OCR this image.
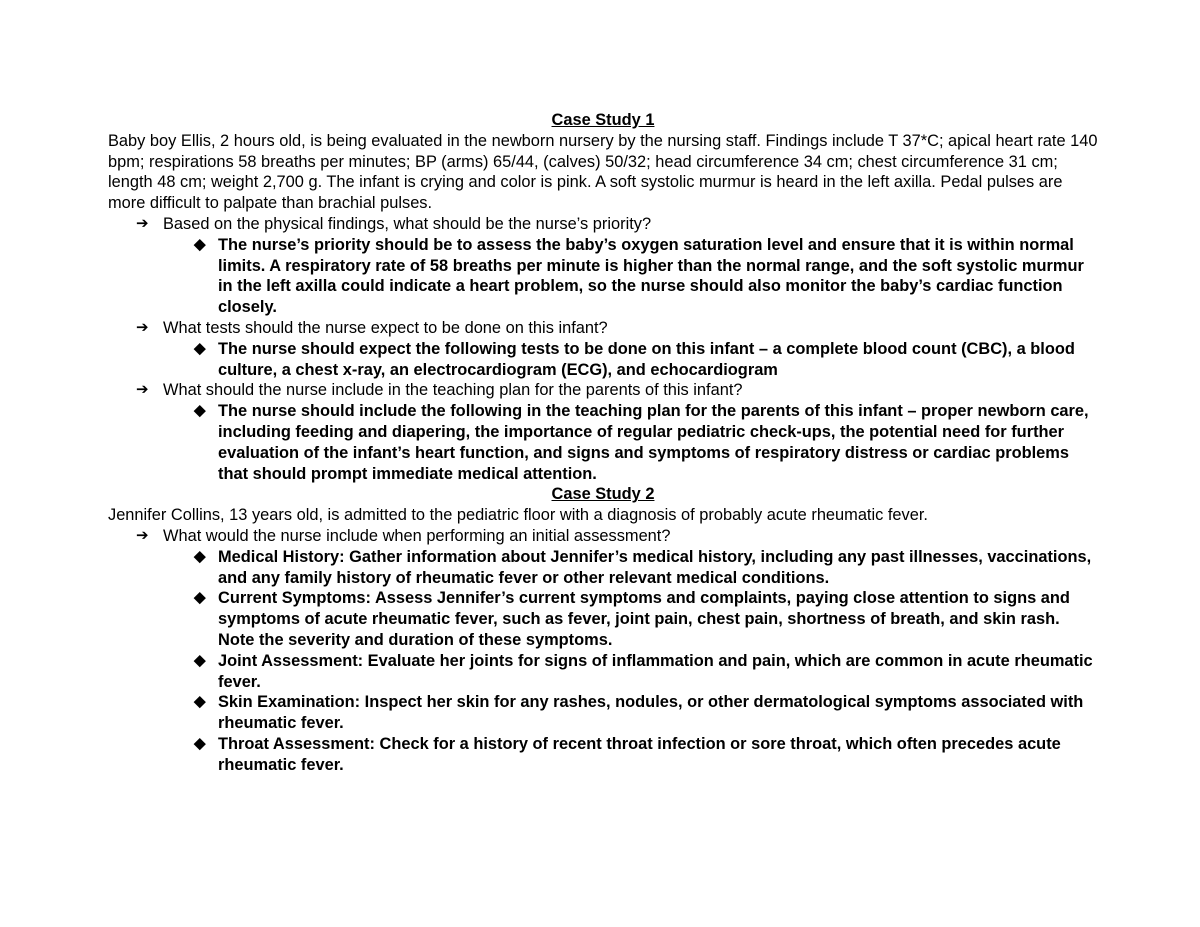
Case Study 1

Baby boy Ellis, 2 hours old, is being evaluated in the newborn nursery by the nursing staff. Findings include T 37*C; apical heart rate 140 bpm; respirations 58 breaths per minutes; BP (arms) 65/44, (calves) 50/32; head circumference 34 cm; chest circumference 31 cm; length 48 cm; weight 2,700 g. The infant is crying and color is pink. A soft systolic murmur is heard in the left axilla. Pedal pulses are more difficult to palpate than brachial pulses.

➔ Based on the physical findings, what should be the nurse’s priority?
◆ The nurse’s priority should be to assess the baby’s oxygen saturation level and ensure that it is within normal limits. A respiratory rate of 58 breaths per minute is higher than the normal range, and the soft systolic murmur in the left axilla could indicate a heart problem, so the nurse should also monitor the baby’s cardiac function closely.
➔ What tests should the nurse expect to be done on this infant?
◆ The nurse should expect the following tests to be done on this infant – a complete blood count (CBC), a blood culture, a chest x-ray, an electrocardiogram (ECG), and echocardiogram
➔ What should the nurse include in the teaching plan for the parents of this infant?
◆ The nurse should include the following in the teaching plan for the parents of this infant – proper newborn care, including feeding and diapering, the importance of regular pediatric check-ups, the potential need for further evaluation of the infant’s heart function, and signs and symptoms of respiratory distress or cardiac problems that should prompt immediate medical attention.
Case Study 2

Jennifer Collins, 13 years old, is admitted to the pediatric floor with a diagnosis of probably acute rheumatic fever.

➔ What would the nurse include when performing an initial assessment?
◆ Medical History: Gather information about Jennifer’s medical history, including any past illnesses, vaccinations, and any family history of rheumatic fever or other relevant medical conditions.
◆ Current Symptoms: Assess Jennifer’s current symptoms and complaints, paying close attention to signs and symptoms of acute rheumatic fever, such as fever, joint pain, chest pain, shortness of breath, and skin rash. Note the severity and duration of these symptoms.
◆ Joint Assessment: Evaluate her joints for signs of inflammation and pain, which are common in acute rheumatic fever.
◆ Skin Examination: Inspect her skin for any rashes, nodules, or other dermatological symptoms associated with rheumatic fever.
◆ Throat Assessment: Check for a history of recent throat infection or sore throat, which often precedes acute rheumatic fever.
